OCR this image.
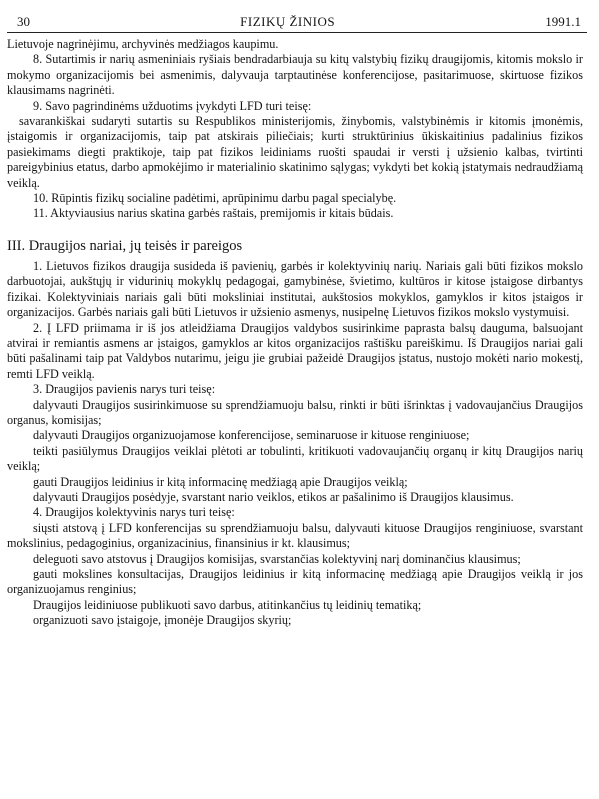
30	FIZIKŲ ŽINIOS	1991.1

Lietuvoje nagrinėjimu, archyvinės medžiagos kaupimu.

8. Sutartimis ir narių asmeniniais ryšiais bendradarbiauja su kitų valstybių fizikų draugijomis, kitomis mokslo ir mokymo organizacijomis bei asmenimis, dalyvauja tarptautinėse konferencijose, pasitarimuose, skirtuose fizikos klausimams nagrinėti.

9. Savo pagrindinėms užduotims įvykdyti LFD turi teisę:

savarankiškai sudaryti sutartis su Respublikos ministerijomis, žinybomis, valstybinėmis ir kitomis įmonėmis, įstaigomis ir organizacijomis, taip pat atskirais piliečiais; kurti struktūrinius ūkiskaitinius padalinius fizikos pasiekimams diegti praktikoje, taip pat fizikos leidiniams ruošti spaudai ir versti į užsienio kalbas, tvirtinti pareigybinius etatus, darbo apmokėjimo ir materialinio skatinimo sąlygas; vykdyti bet kokią įstatymais nedraudžiamą veiklą.

10. Rūpintis fizikų socialine padėtimi, aprūpinimu darbu pagal specialybę.

11. Aktyviausius narius skatina garbės raštais, premijomis ir kitais būdais.

III. Draugijos nariai, jų teisės ir pareigos

1. Lietuvos fizikos draugija susideda iš pavienių, garbės ir kolektyvinių narių. Nariais gali būti fizikos mokslo darbuotojai, aukštųjų ir vidurinių mokyklų pedagogai, gamybinėse, švietimo, kultūros ir kitose įstaigose dirbantys fizikai. Kolektyviniais nariais gali būti moksliniai institutai, aukštosios mokyklos, gamyklos ir kitos įstaigos ir organizacijos. Garbės nariais gali būti Lietuvos ir užsienio asmenys, nusipelnę Lietuvos fizikos mokslo vystymuisi.

2. Į LFD priimama ir iš jos atleidžiama Draugijos valdybos susirinkime paprasta balsų dauguma, balsuojant atvirai ir remiantis asmens ar įstaigos, gamyklos ar kitos organizacijos raštišku pareiškimu. Iš Draugijos nariai gali būti pašalinami taip pat Valdybos nutarimu, jeigu jie grubiai pažeidė Draugijos įstatus, nustojo mokėti nario mokestį, remti LFD veiklą.

3. Draugijos pavienis narys turi teisę:

dalyvauti Draugijos susirinkimuose su sprendžiamuoju balsu, rinkti ir būti išrinktas į vadovaujančius Draugijos organus, komisijas;

dalyvauti Draugijos organizuojamose konferencijose, seminaruose ir kituose renginiuose;

teikti pasiūlymus Draugijos veiklai plėtoti ar tobulinti, kritikuoti vadovaujančių organų ir kitų Draugijos narių veiklą;

gauti Draugijos leidinius ir kitą informacinę medžiagą apie Draugijos veiklą;

dalyvauti Draugijos posėdyje, svarstant nario veiklos, etikos ar pašalinimo iš Draugijos klausimus.

4. Draugijos kolektyvinis narys turi teisę:

siųsti atstovą į LFD konferencijas su sprendžiamuoju balsu, dalyvauti kituose Draugijos renginiuose, svarstant mokslinius, pedagoginius, organizacinius, finansinius ir kt. klausimus;

deleguoti savo atstovus į Draugijos komisijas, svarstančias kolektyvinį narį dominančius klausimus;

gauti mokslines konsultacijas, Draugijos leidinius ir kitą informacinę medžiagą apie Draugijos veiklą ir jos organizuojamus renginius;

Draugijos leidiniuose publikuoti savo darbus, atitinkančius tų leidinių tematiką;

organizuoti savo įstaigoje, įmonėje Draugijos skyrių;
